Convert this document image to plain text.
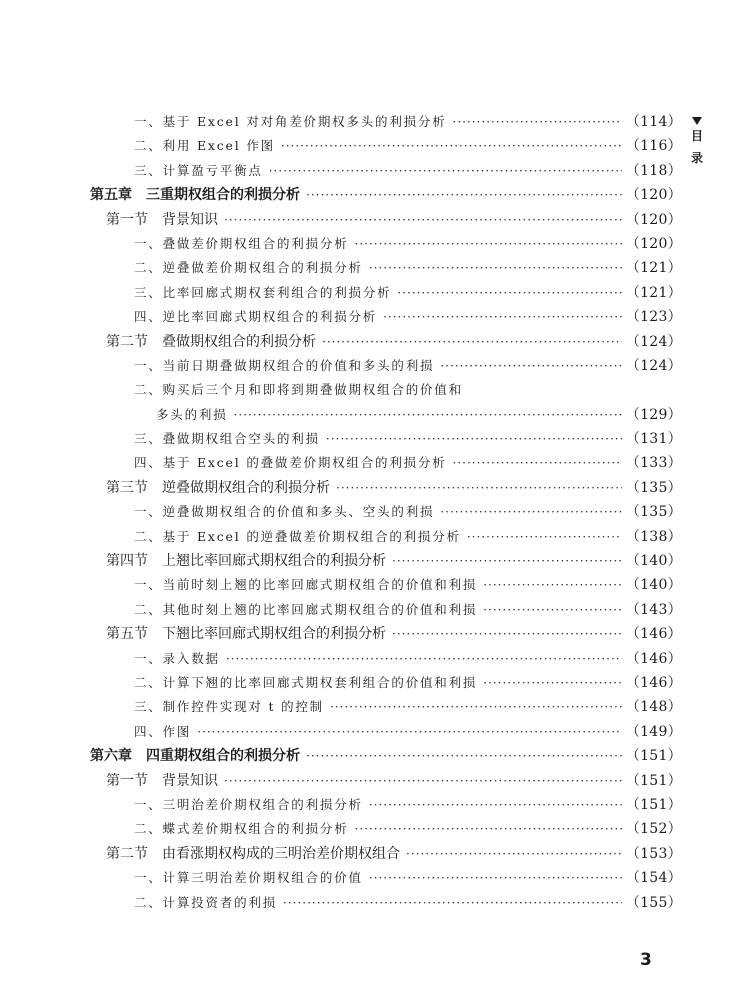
一、基于 Excel 对对角差价期权多头的利损分析 ·····	（114）
二、利用 Excel 作图 ·····	（116）
三、计算盈亏平衡点 ·····	（118）
第五章　三重期权组合的利损分析 ·····	（120）
第一节　背景知识 ·····	（120）
一、叠做差价期权组合的利损分析 ·····	（120）
二、逆叠做差价期权组合的利损分析 ·····	（121）
三、比率回廊式期权套利组合的利损分析 ·····	（121）
四、逆比率回廊式期权组合的利损分析 ·····	（123）
第二节　叠做期权组合的利损分析 ·····	（124）
一、当前日期叠做期权组合的价值和多头的利损 ·····	（124）
二、购买后三个月和即将到期叠做期权组合的价值和
多头的利损 ·····	（129）
三、叠做期权组合空头的利损 ·····	（131）
四、基于 Excel 的叠做差价期权组合的利损分析 ·····	（133）
第三节　逆叠做期权组合的利损分析 ·····	（135）
一、逆叠做期权组合的价值和多头、空头的利损 ·····	（135）
二、基于 Excel 的逆叠做差价期权组合的利损分析 ·····	（138）
第四节　上翘比率回廊式期权组合的利损分析 ·····	（140）
一、当前时刻上翘的比率回廊式期权组合的价值和利损 ·····	（140）
二、其他时刻上翘的比率回廊式期权组合的价值和利损 ·····	（143）
第五节　下翘比率回廊式期权组合的利损分析 ·····	（146）
一、录入数据 ·····	（146）
二、计算下翘的比率回廊式期权套利组合的价值和利损 ·····	（146）
三、制作控件实现对 t 的控制 ·····	（148）
四、作图 ·····	（149）
第六章　四重期权组合的利损分析 ·····	（151）
第一节　背景知识 ·····	（151）
一、三明治差价期权组合的利损分析 ·····	（151）
二、蝶式差价期权组合的利损分析 ·····	（152）
第二节　由看涨期权构成的三明治差价期权组合 ·····	（153）
一、计算三明治差价期权组合的价值 ·····	（154）
二、计算投资者的利损 ·····	（155）
目
录
3
